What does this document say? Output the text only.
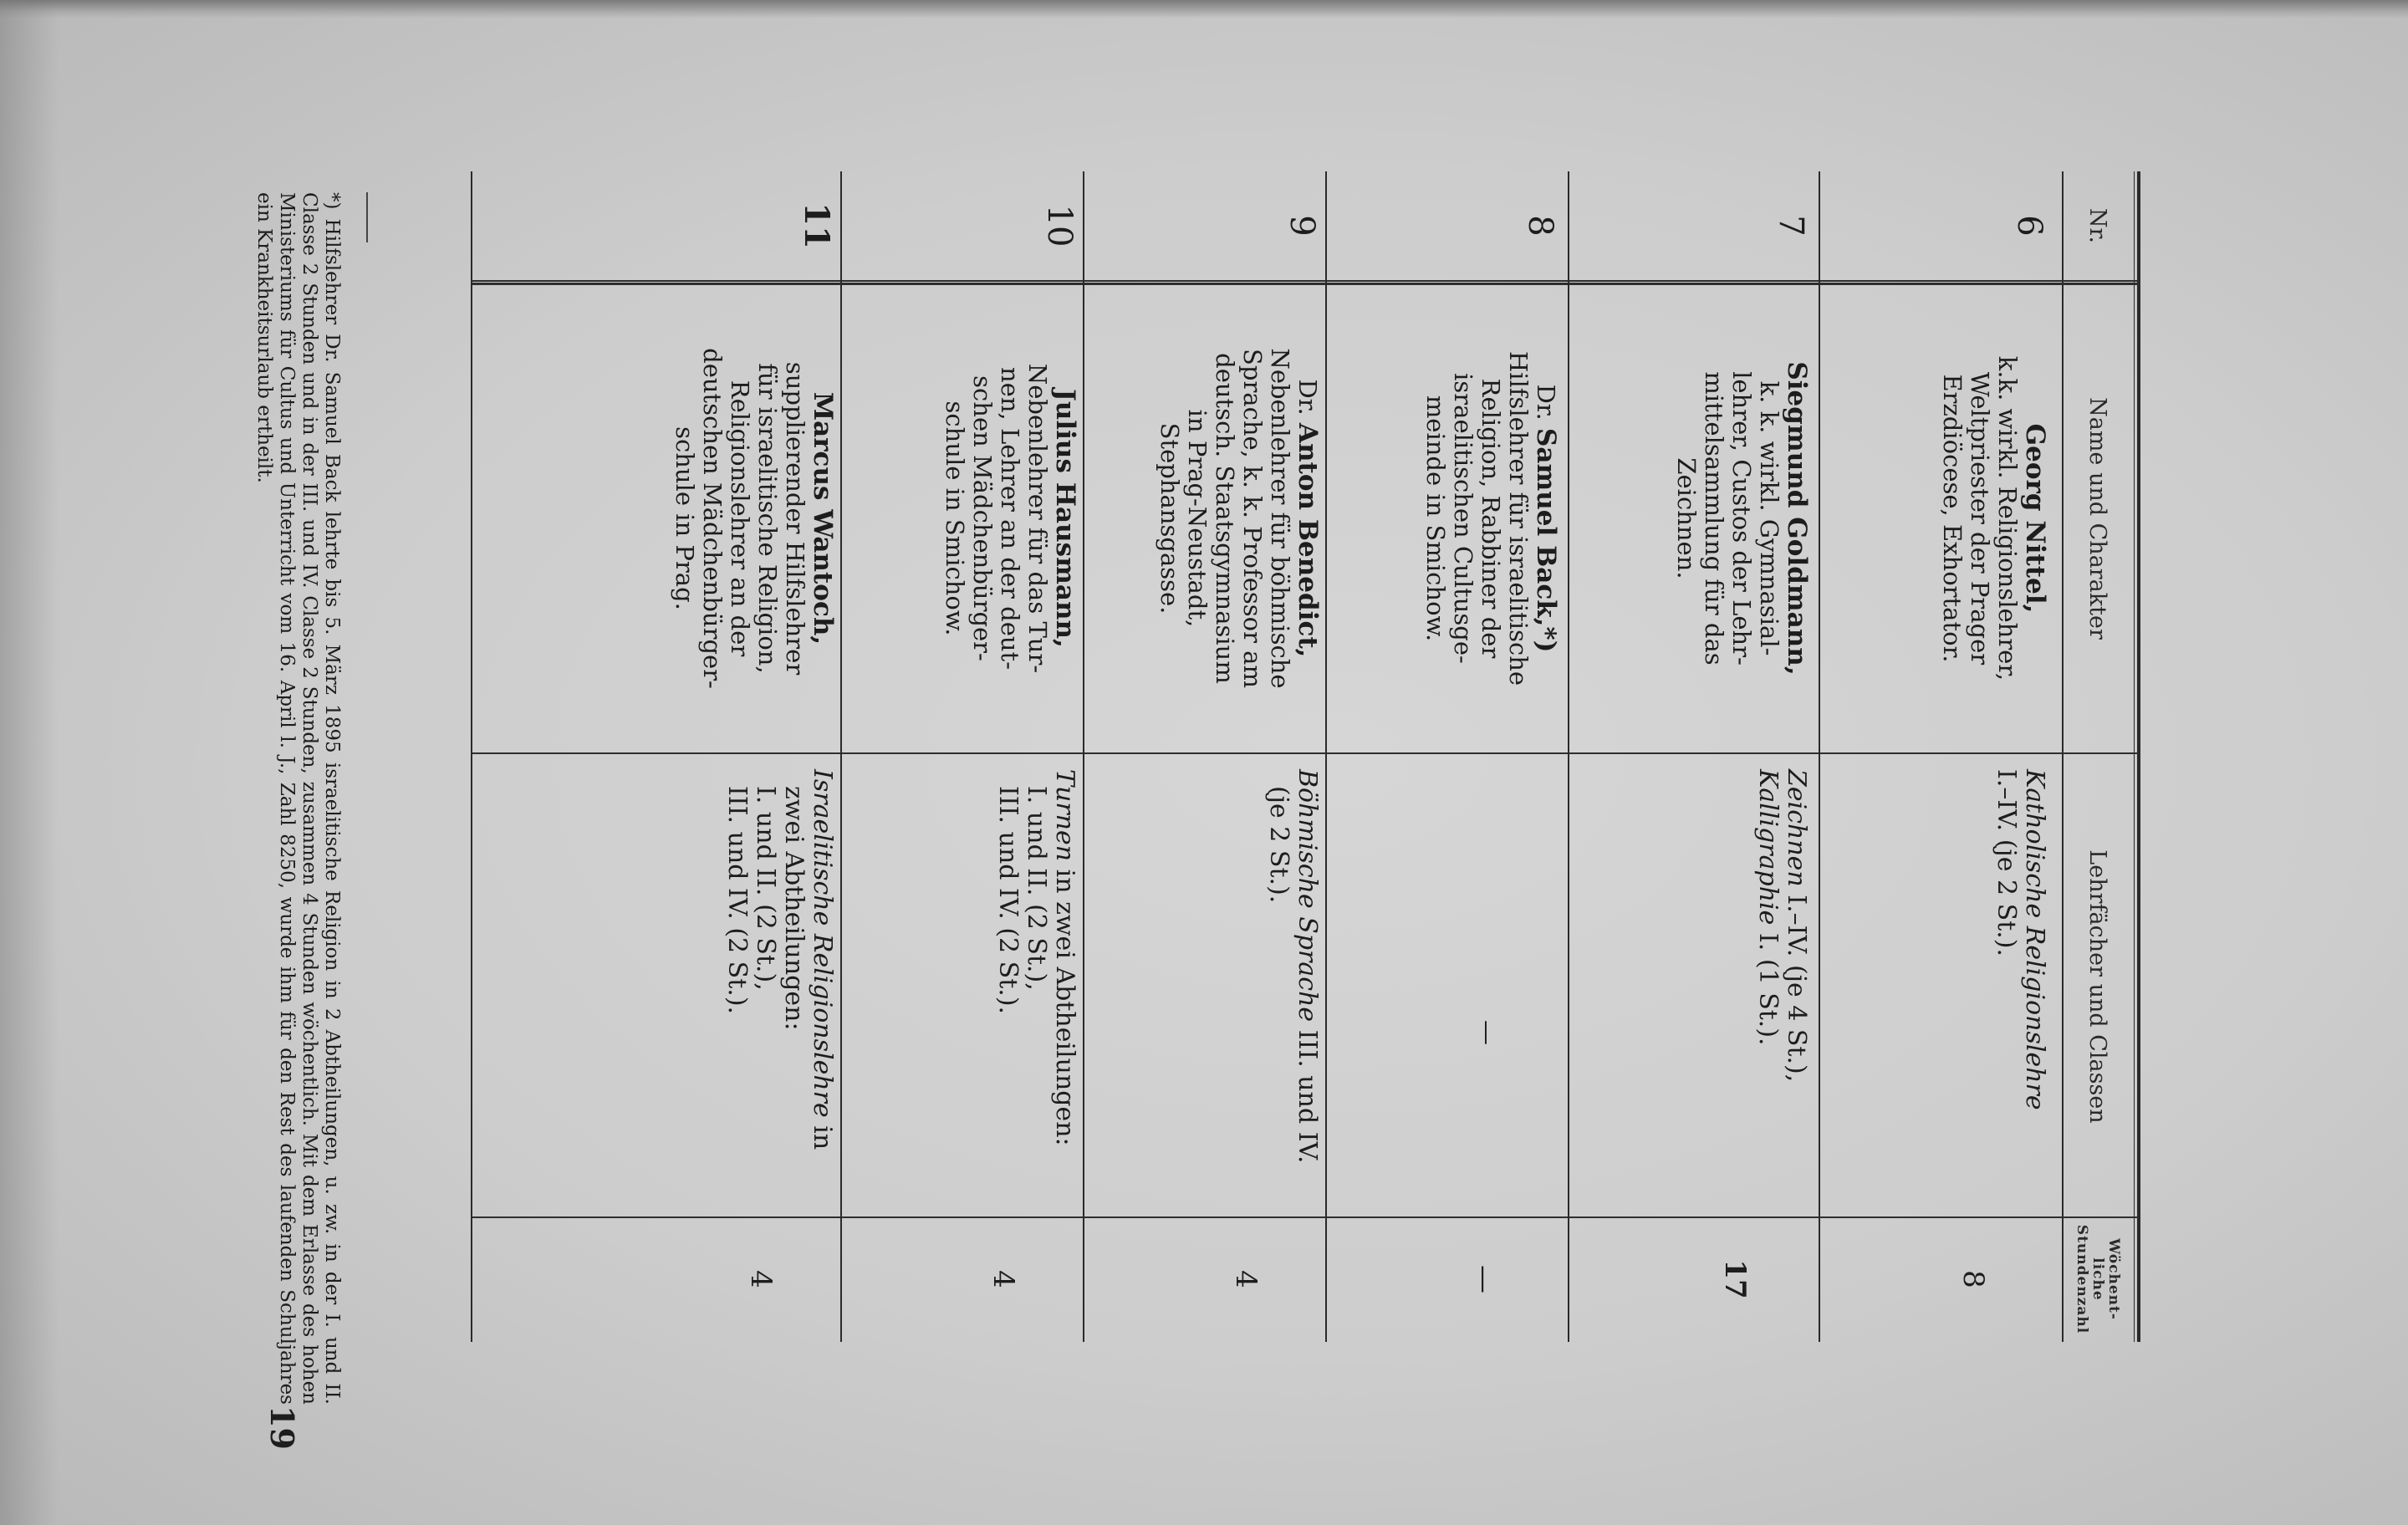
19
Nr.
Name und Charakter
Lehrfächer und Classen
Wöchent-
liche
Stundenzahl
6
Georg Nittel,
k.k. wirkl. Religionslehrer,
Weltpriester der Prager
Erzdiöcese, Exhortator.
Katholische Religionslehre
I.–IV. (je 2 St.).
8
7
Siegmund Goldmann,
k. k. wirkl. Gymnasial-
lehrer, Custos der Lehr-
mittelsammlung für das
Zeichnen.
Zeichnen I.–IV. (je 4 St.),
Kalligraphie I. (1 St.).
17
8
Dr. Samuel Back,*)
Hilfslehrer für israelitische
Religion, Rabbiner der
israelitischen Cultusge-
meinde in Smichow.
—
—
9
Dr. Anton Benedict,
Nebenlehrer für böhmische
Sprache, k. k. Professor am
deutsch. Staatsgymnasium
in Prag-Neustadt,
Stephansgasse.
Böhmische Sprache III. und IV.
(je 2 St.).
4
10
Julius Hausmann,
Nebenlehrer für das Tur-
nen, Lehrer an der deut-
schen Mädchenbürger-
schule in Smichow.
Turnen in zwei Abtheilungen:
I. und II. (2 St.),
III. und IV. (2 St.).
4
11
Marcus Wantoch,
supplierender Hilfslehrer
für israelitische Religion,
Religionslehrer an der
deutschen Mädchenbürger-
schule in Prag.
Israelitische Religionslehre in
zwei Abtheilungen:
I. und II. (2 St.),
III. und IV. (2 St.).
4
*) Hilfslehrer Dr. Samuel Back lehrte bis 5. März 1895 israelitische Religion in 2 Abtheilungen, u. zw. in der I. und II. Classe 2 Stunden und in der III. und IV. Classe 2 Stunden, zusammen 4 Stunden wöchentlich. Mit dem Erlasse des hohen Ministeriums für Cultus und Unterricht vom 16. April l. J., Zahl 8250, wurde ihm für den Rest des laufenden Schuljahres ein Krankheitsurlaub ertheilt.
